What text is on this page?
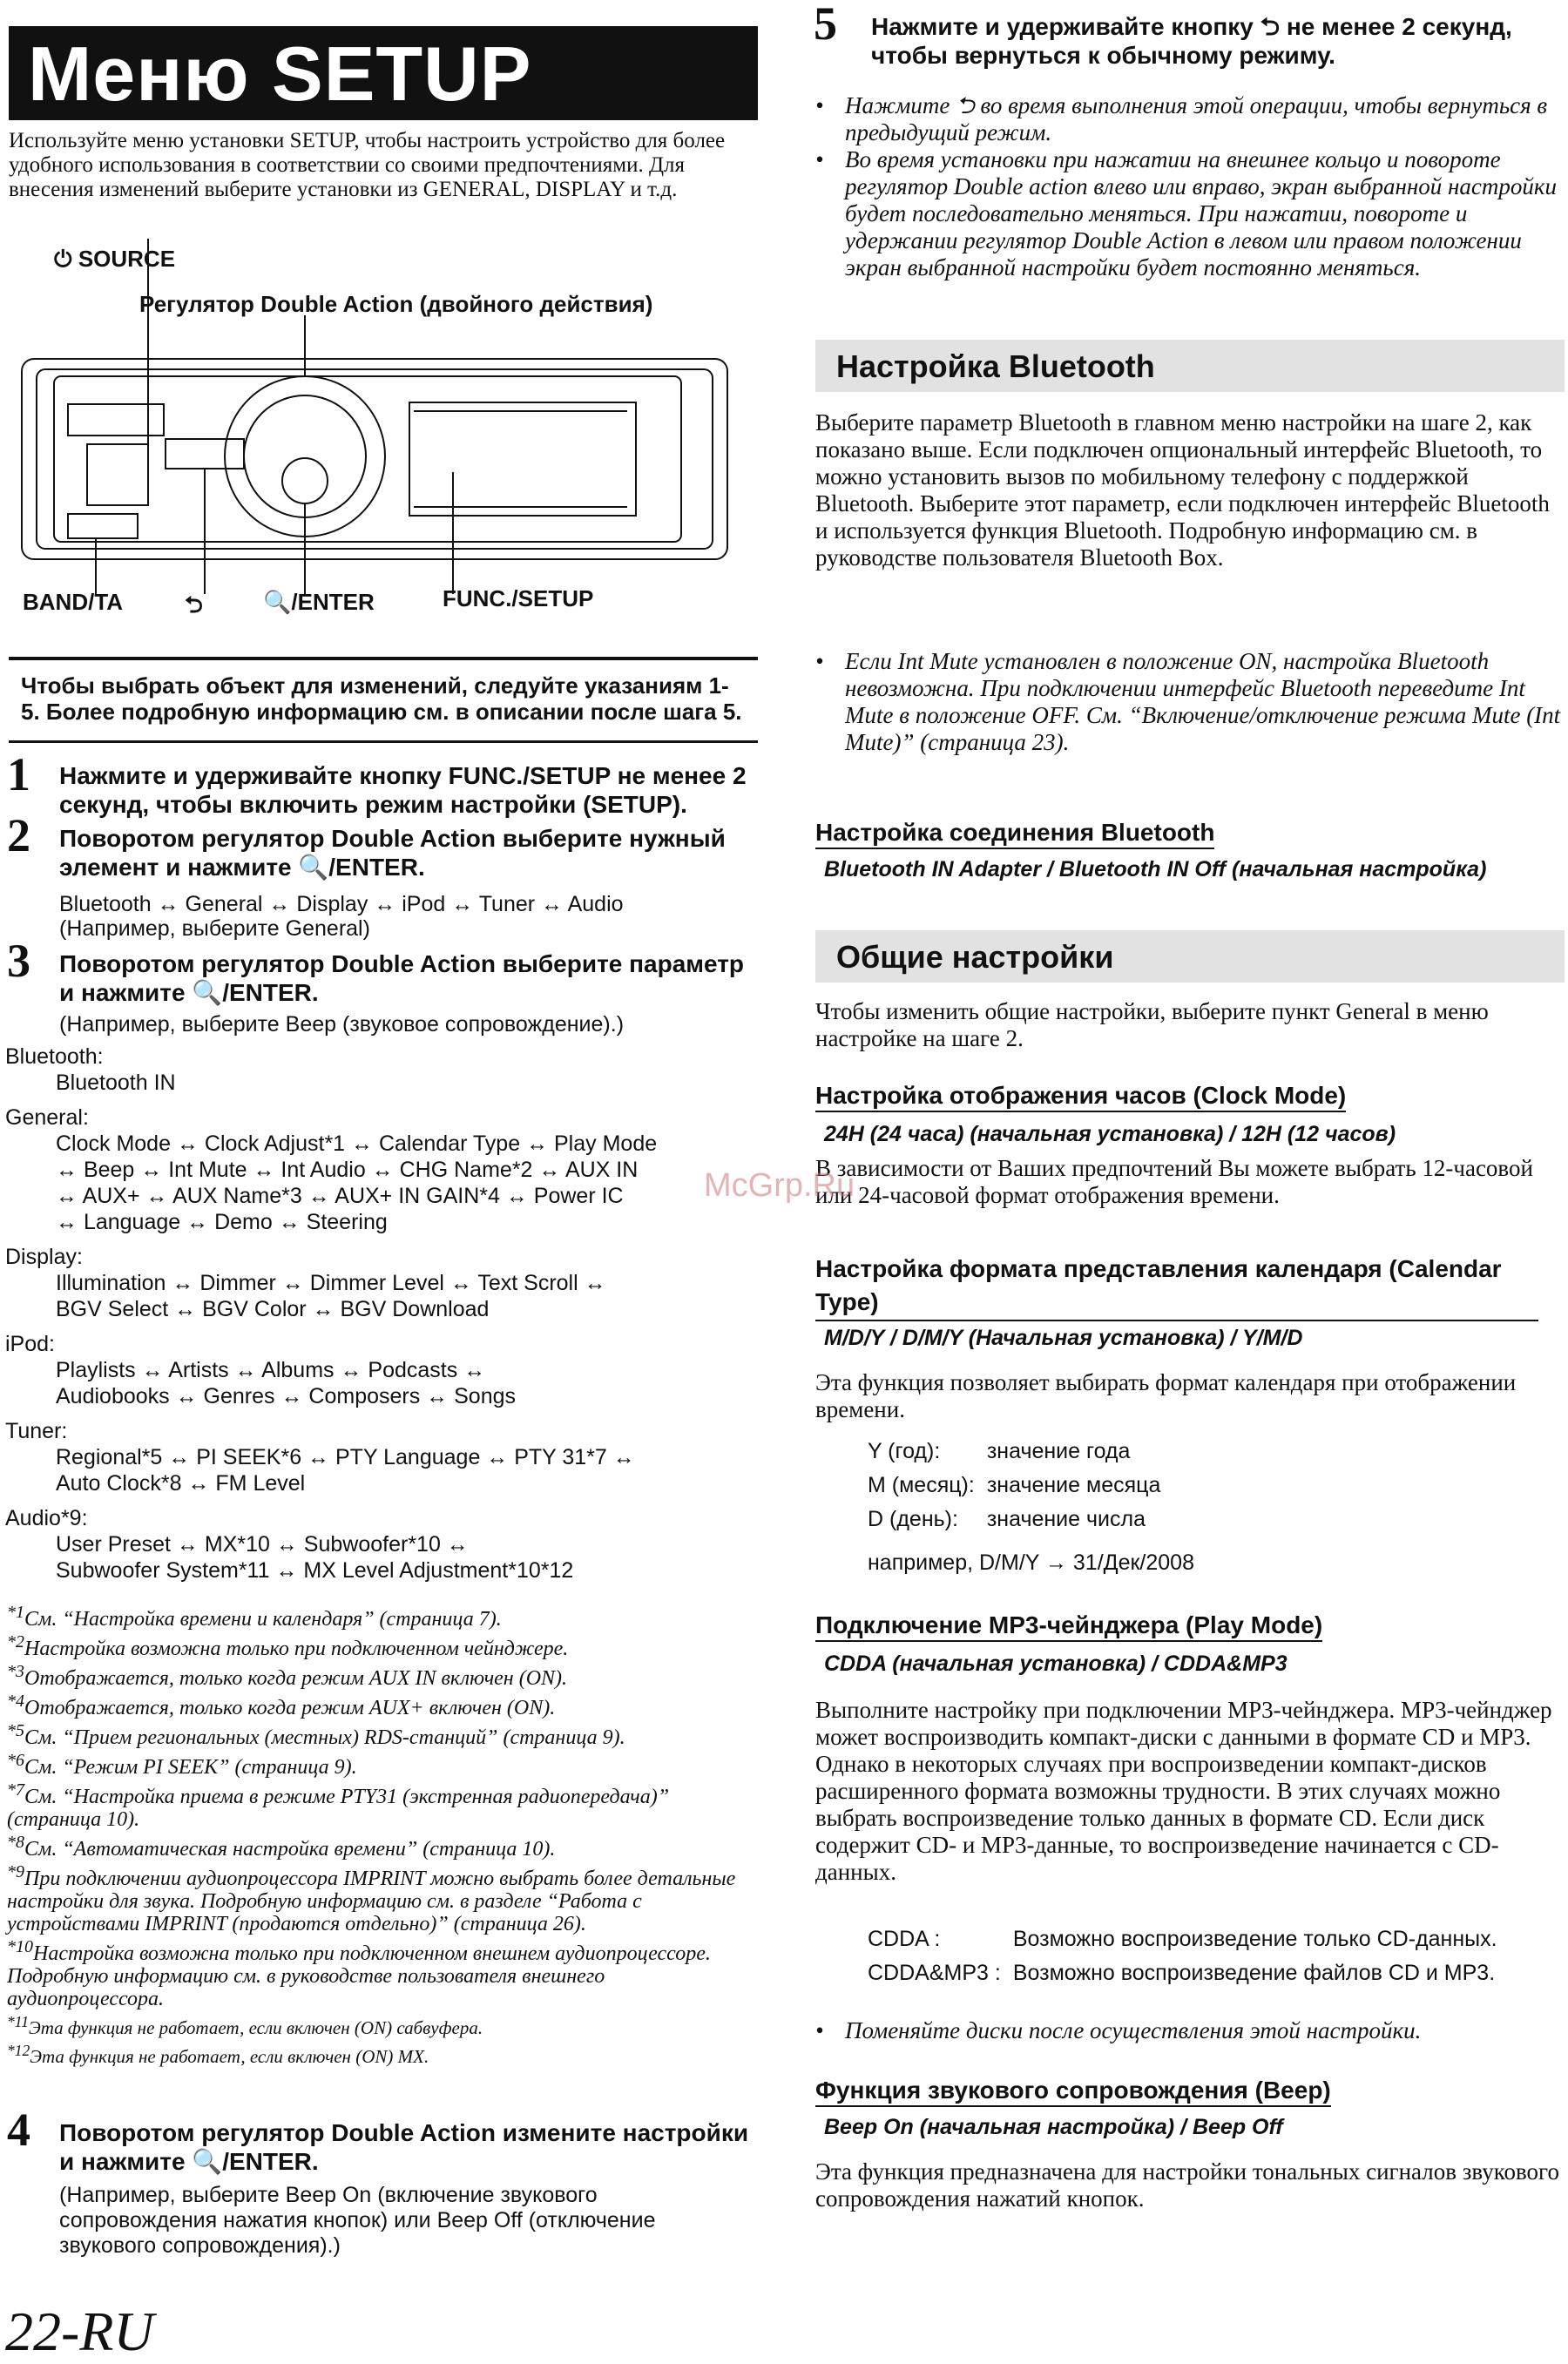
Меню SETUP
Используйте меню установки SETUP, чтобы настроить устройство для более удобного использования в соответствии со своими предпочтениями. Для внесения изменений выберите установки из GENERAL, DISPLAY и т.д.
⏻ SOURCE
Регулятор Double Action (двойного действия)
BAND/TA	⮌	🔍/ENTER	FUNC./SETUP

Чтобы выбрать объект для изменений, следуйте указаниям 1-5. Более подробную информацию см. в описании после шага 5.

1 Нажмите и удерживайте кнопку FUNC./SETUP не менее 2 секунд, чтобы включить режим настройки (SETUP).
2 Поворотом регулятор Double Action выберите нужный элемент и нажмите 🔍/ENTER.
Bluetooth ↔ General ↔ Display ↔ iPod ↔ Tuner ↔ Audio
(Например, выберите General)
3 Поворотом регулятор Double Action выберите параметр и нажмите 🔍/ENTER.
(Например, выберите Beep (звуковое сопровождение).)
Bluetooth:
Bluetooth IN
General:
Clock Mode ↔ Clock Adjust*1 ↔ Calendar Type ↔ Play Mode
↔ Beep ↔ Int Mute ↔ Int Audio ↔ CHG Name*2 ↔ AUX IN
↔ AUX+ ↔ AUX Name*3 ↔ AUX+ IN GAIN*4 ↔ Power IC
↔ Language ↔ Demo ↔ Steering
Display:
Illumination ↔ Dimmer ↔ Dimmer Level ↔ Text Scroll ↔
BGV Select ↔ BGV Color ↔ BGV Download
iPod:
Playlists ↔ Artists ↔ Albums ↔ Podcasts ↔
Audiobooks ↔ Genres ↔ Composers ↔ Songs
Tuner:
Regional*5 ↔ PI SEEK*6 ↔ PTY Language ↔ PTY 31*7 ↔
Auto Clock*8 ↔ FM Level
Audio*9:
User Preset ↔ MX*10 ↔ Subwoofer*10 ↔
Subwoofer System*11 ↔ MX Level Adjustment*10*12
$^{*1}$См. “Настройка времени и календаря” (страница 7).
$^{*2}$Настройка возможна только при подключенном чейнджере.
$^{*3}$Отображается, только когда режим AUX IN включен (ON).
$^{*4}$Отображается, только когда режим AUX+ включен (ON).
$^{*5}$См. “Прием региональных (местных) RDS-станций” (страница 9).
$^{*6}$См. “Режим PI SEEK” (страница 9).
$^{*7}$См. “Настройка приема в режиме PTY31 (экстренная радиопередача)” (страница 10).
$^{*8}$См. “Автоматическая настройка времени” (страница 10).
$^{*9}$При подключении аудиопроцессора IMPRINT можно выбрать более детальные настройки для звука. Подробную информацию см. в разделе “Работа с устройствами IMPRINT (продаются отдельно)” (страница 26).
$^{*10}$Настройка возможна только при подключенном внешнем аудиопроцессоре. Подробную информацию см. в руководстве пользователя внешнего аудиопроцессора.
$^{*11}$Эта функция не работает, если включен (ON) сабвуфера.
$^{*12}$Эта функция не работает, если включен (ON) MX.
4 Поворотом регулятор Double Action измените настройки и нажмите 🔍/ENTER.
(Например, выберите Beep On (включение звукового сопровождения нажатия кнопок) или Beep Off (отключение звукового сопровождения).)
22-RU
5 Нажмите и удерживайте кнопку ⮌ не менее 2 секунд, чтобы вернуться к обычному режиму.
• Нажмите ⮌ во время выполнения этой операции, чтобы вернуться в предыдущий режим.
• Во время установки при нажатии на внешнее кольцо и повороте регулятор Double action влево или вправо, экран выбранной настройки будет последовательно меняться. При нажатии, повороте и удержании регулятор Double Action в левом или правом положении экран выбранной настройки будет постоянно меняться.
Настройка Bluetooth
Выберите параметр Bluetooth в главном меню настройки на шаге 2, как показано выше. Если подключен опциональный интерфейс Bluetooth, то можно установить вызов по мобильному телефону с поддержкой Bluetooth. Выберите этот параметр, если подключен интерфейс Bluetooth и используется функция Bluetooth. Подробную информацию см. в руководстве пользователя Bluetooth Box.
• Если Int Mute установлен в положение ON, настройка Bluetooth невозможна. При подключении интерфейс Bluetooth переведите Int Mute в положение OFF. См. “Включение/отключение режима Mute (Int Mute)” (страница 23).
Настройка соединения Bluetooth
Bluetooth IN Adapter / Bluetooth IN Off (начальная настройка)
Общие настройки
Чтобы изменить общие настройки, выберите пункт General в меню настройке на шаге 2.
Настройка отображения часов (Clock Mode)
24H (24 часа) (начальная установка) / 12H (12 часов)
В зависимости от Ваших предпочтений Вы можете выбрать 12-часовой или 24-часовой формат отображения времени.
Настройка формата представления календаря (Calendar Type)
M/D/Y / D/M/Y (Начальная установка) / Y/M/D
Эта функция позволяет выбирать формат календаря при отображении времени.
Y (год):	значение года
M (месяц):	значение месяца
D (день):	значение числа
например, D/M/Y → 31/Дек/2008
Подключение MP3-чейнджера (Play Mode)
CDDA (начальная установка) / CDDA&MP3
Выполните настройку при подключении MP3-чейнджера. MP3-чейнджер может воспроизводить компакт-диски с данными в формате CD и MP3. Однако в некоторых случаях при воспроизведении компакт-дисков расширенного формата возможны трудности. В этих случаях можно выбрать воспроизведение только данных в формате CD. Если диск содержит CD- и MP3-данные, то воспроизведение начинается с CD-данных.
CDDA :	Возможно воспроизведение только CD-данных.
CDDA&MP3 :	Возможно воспроизведение файлов CD и MP3.
• Поменяйте диски после осуществления этой настройки.
Функция звукового сопровождения (Beep)
Beep On (начальная настройка) / Beep Off
Эта функция предназначена для настройки тональных сигналов звукового сопровождения нажатий кнопок.
McGrp.Ru
